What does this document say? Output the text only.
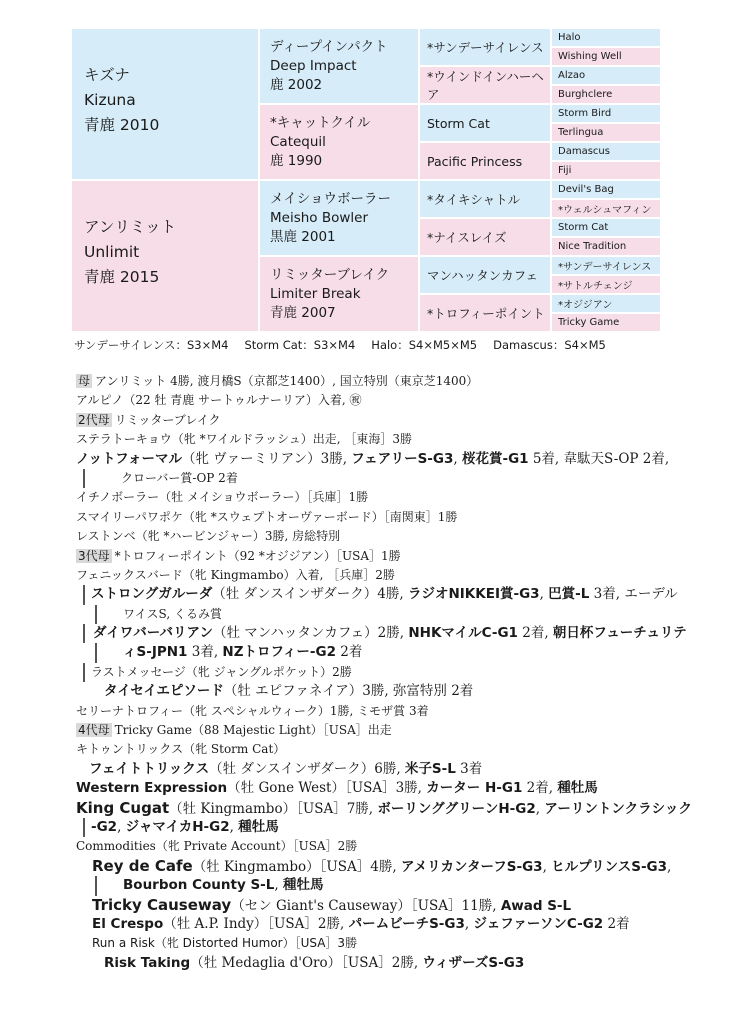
キズナ
Kizuna
青鹿 2010
アンリミット
Unlimit
青鹿 2015
ディープインパクト
Deep Impact
鹿 2002
*キャットクイル
Catequil
鹿 1990
メイショウボーラー
Meisho Bowler
黒鹿 2001
リミッターブレイク
Limiter Break
青鹿 2007
*サンデーサイレンス
*ウインドインハーヘア
Storm Cat
Pacific Princess
*タイキシャトル
*ナイスレイズ
マンハッタンカフェ
*トロフィーポイント
Halo
Wishing Well
Alzao
Burghclere
Storm Bird
Terlingua
Damascus
Fiji
Devil's Bag
*ウェルシュマフィン
Storm Cat
Nice Tradition
*サンデーサイレンス
*サトルチェンジ
*オジジアン
Tricky Game
サンデーサイレンス：S3×M4 Storm Cat：S3×M4 Halo：S4×M5×M5 Damascus：S4×M5
母 アンリミット 4勝, 渡月橋S（京都芝1400）, 国立特別（東京芝1400）
アルピノ（22 牡 青鹿 サートゥルナーリア）入着, ㊗
2代母 リミッターブレイク
ステラトーキョウ（牝 *ワイルドラッシュ）出走, ［東海］3勝
ノットフォーマル（牝 ヴァーミリアン）3勝, フェアリーS-G3, 桜花賞-G1 5着, 韋駄天S-OP 2着,
クローバー賞-OP 2着
イチノボーラー（牡 メイショウボーラー）［兵庫］1勝
スマイリーパワポケ（牝 *スウェプトオーヴァーボード）［南関東］1勝
レストンベ（牝 *ハービンジャー）3勝, 房総特別
3代母 *トロフィーポイント（92 *オジジアン）［USA］1勝
フェニックスバード（牝 Kingmambo）入着, ［兵庫］2勝
ストロングガルーダ（牡 ダンスインザダーク）4勝, ラジオNIKKEI賞-G3, 巴賞-L 3着, エーデル
ワイスS, くるみ賞
ダイワバーバリアン（牡 マンハッタンカフェ）2勝, NHKマイルC-G1 2着, 朝日杯フューチュリテ
ィS-JPN1 3着, NZトロフィー-G2 2着
ラストメッセージ（牝 ジャングルポケット）2勝
タイセイエピソード（牡 エピファネイア）3勝, 弥富特別 2着
セリーナトロフィー（牝 スペシャルウィーク）1勝, ミモザ賞 3着
4代母 Tricky Game（88 Majestic Light）［USA］出走
キトゥントリックス（牝 Storm Cat）
フェイトトリックス（牡 ダンスインザダーク）6勝, 米子S-L 3着
Western Expression（牡 Gone West）［USA］3勝, カーター H-G1 2着, 種牡馬
King Cugat（牡 Kingmambo）［USA］7勝, ボーリンググリーンH-G2, アーリントンクラシック
-G2, ジャマイカH-G2, 種牡馬
Commodities（牝 Private Account）［USA］2勝
Rey de Cafe（牡 Kingmambo）［USA］4勝, アメリカンターフS-G3, ヒルプリンスS-G3,
Bourbon County S-L, 種牡馬
Tricky Causeway（セン Giant's Causeway）［USA］11勝, Awad S-L
El Crespo（牡 A.P. Indy）［USA］2勝, パームビーチS-G3, ジェファーソンC-G2 2着
Run a Risk（牝 Distorted Humor）［USA］3勝
Risk Taking（牡 Medaglia d'Oro）［USA］2勝, ウィザーズS-G3
